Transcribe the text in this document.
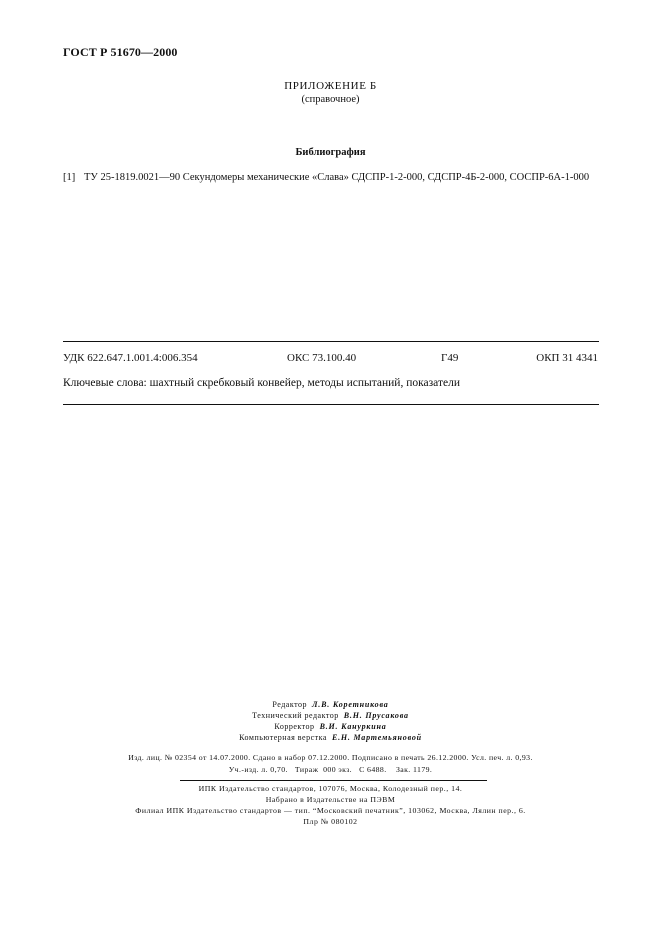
ГОСТ Р 51670—2000
ПРИЛОЖЕНИЕ Б
(справочное)
Библиография
[1] ТУ 25-1819.0021—90 Секундомеры механические «Слава» СДСПР-1-2-000, СДСПР-4Б-2-000, СОСПР-6А-1-000
УДК 622.647.1.001.4:006.354	ОКС 73.100.40	Г49	ОКП 31 4341
Ключевые слова: шахтный скребковый конвейер, методы испытаний, показатели
Редактор Л.В. Коретникова
Технический редактор В.Н. Прусакова
Корректор В.И. Кануркина
Компьютерная верстка Е.Н. Мартемьяновой
Изд. лиц. № 02354 от 14.07.2000. Сдано в набор 07.12.2000. Подписано в печать 26.12.2000. Усл. печ. л. 0,93.
Уч.-изд. л. 0,70.   Тираж  000 экз.   С 6488.    Зак. 1179.
ИПК Издательство стандартов, 107076, Москва, Колодезный пер., 14.
Набрано в Издательстве на ПЭВМ
Филиал ИПК Издательство стандартов — тип. “Московский печатник”, 103062, Москва, Лялин пер., 6.
Плр № 080102
